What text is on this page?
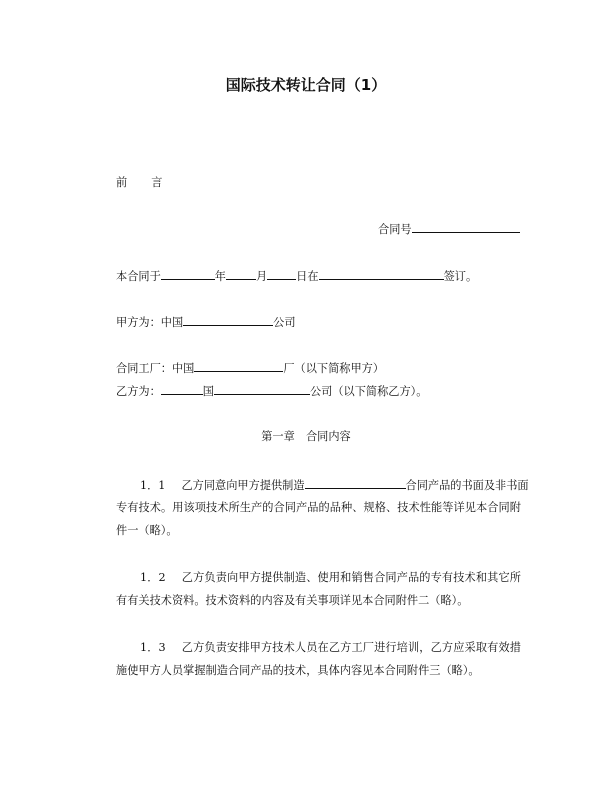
国际技术转让合同（1）
前 言
合同号
本合同于	年	月	日在	签订。
甲方为：中国	公司
合同工厂：中国	厂（以下简称甲方）
乙方为：	国	公司（以下简称乙方）。
第一章　合同内容
1．1 乙方同意向甲方提供制造	合同产品的书面及非书面
专有技术。用该项技术所生产的合同产品的品种、规格、技术性能等详见本合同附
件一（略）。
1．2 乙方负责向甲方提供制造、使用和销售合同产品的专有技术和其它所
有有关技术资料。技术资料的内容及有关事项详见本合同附件二（略）。
1．3 乙方负责安排甲方技术人员在乙方工厂进行培训，乙方应采取有效措
施使甲方人员掌握制造合同产品的技术，具体内容见本合同附件三（略）。
